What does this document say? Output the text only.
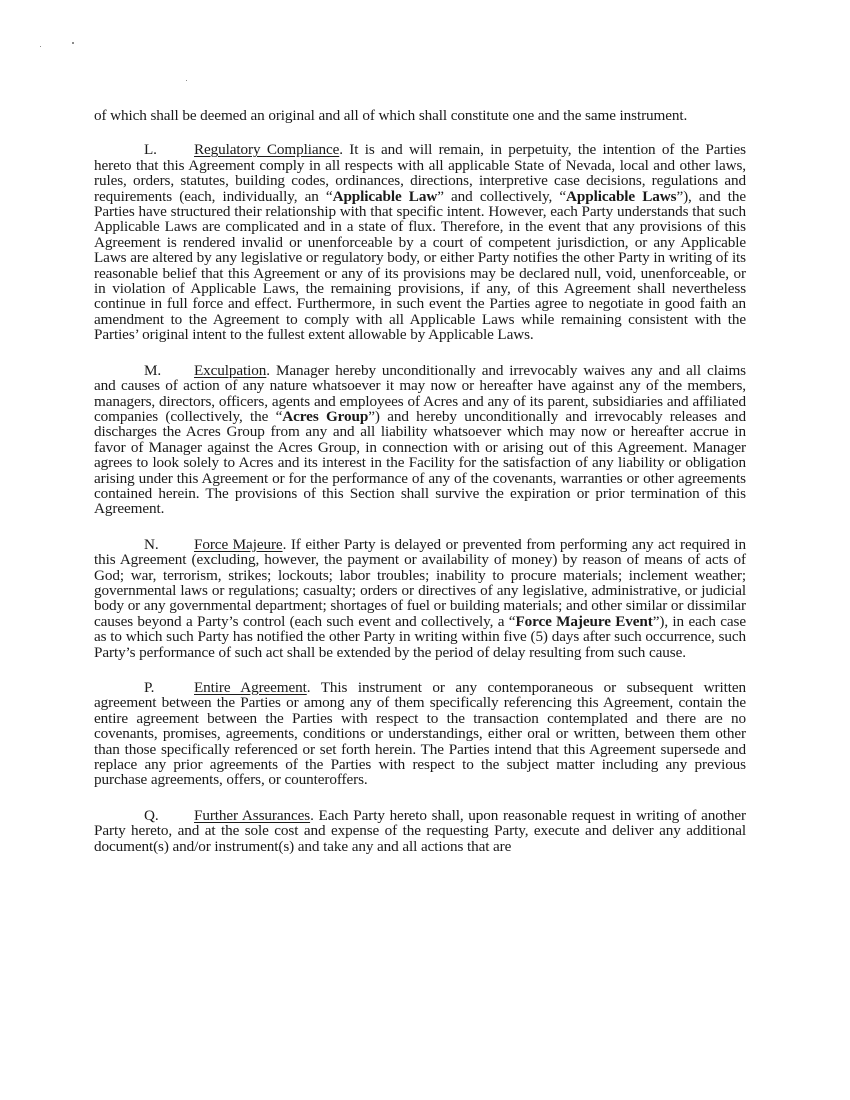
of which shall be deemed an original and all of which shall constitute one and the same instrument.

L. Regulatory Compliance. It is and will remain, in perpetuity, the intention of the Parties hereto that this Agreement comply in all respects with all applicable State of Nevada, local and other laws, rules, orders, statutes, building codes, ordinances, directions, interpretive case decisions, regulations and requirements (each, individually, an “Applicable Law” and collectively, “Applicable Laws”), and the Parties have structured their relationship with that specific intent. However, each Party understands that such Applicable Laws are complicated and in a state of flux. Therefore, in the event that any provisions of this Agreement is rendered invalid or unenforceable by a court of competent jurisdiction, or any Applicable Laws are altered by any legislative or regulatory body, or either Party notifies the other Party in writing of its reasonable belief that this Agreement or any of its provisions may be declared null, void, unenforceable, or in violation of Applicable Laws, the remaining provisions, if any, of this Agreement shall nevertheless continue in full force and effect. Furthermore, in such event the Parties agree to negotiate in good faith an amendment to the Agreement to comply with all Applicable Laws while remaining consistent with the Parties’ original intent to the fullest extent allowable by Applicable Laws.

M. Exculpation. Manager hereby unconditionally and irrevocably waives any and all claims and causes of action of any nature whatsoever it may now or hereafter have against any of the members, managers, directors, officers, agents and employees of Acres and any of its parent, subsidiaries and affiliated companies (collectively, the “Acres Group”) and hereby unconditionally and irrevocably releases and discharges the Acres Group from any and all liability whatsoever which may now or hereafter accrue in favor of Manager against the Acres Group, in connection with or arising out of this Agreement. Manager agrees to look solely to Acres and its interest in the Facility for the satisfaction of any liability or obligation arising under this Agreement or for the performance of any of the covenants, warranties or other agreements contained herein. The provisions of this Section shall survive the expiration or prior termination of this Agreement.

N. Force Majeure. If either Party is delayed or prevented from performing any act required in this Agreement (excluding, however, the payment or availability of money) by reason of means of acts of God; war, terrorism, strikes; lockouts; labor troubles; inability to procure materials; inclement weather; governmental laws or regulations; casualty; orders or directives of any legislative, administrative, or judicial body or any governmental department; shortages of fuel or building materials; and other similar or dissimilar causes beyond a Party’s control (each such event and collectively, a “Force Majeure Event”), in each case as to which such Party has notified the other Party in writing within five (5) days after such occurrence, such Party’s performance of such act shall be extended by the period of delay resulting from such cause.

P.	Entire Agreement. This instrument or any contemporaneous or subsequent written agreement between the Parties or among any of them specifically referencing this Agreement, contain the entire agreement between the Parties with respect to the transaction contemplated and there are no covenants, promises, agreements, conditions or understandings, either oral or written, between them other than those specifically referenced or set forth herein. The Parties intend that this Agreement supersede and replace any prior agreements of the Parties with respect to the subject matter including any previous purchase agreements, offers, or counteroffers.

Q. Further Assurances. Each Party hereto shall, upon reasonable request in writing of another Party hereto, and at the sole cost and expense of the requesting Party, execute and deliver any additional document(s) and/or instrument(s) and take any and all actions that are
